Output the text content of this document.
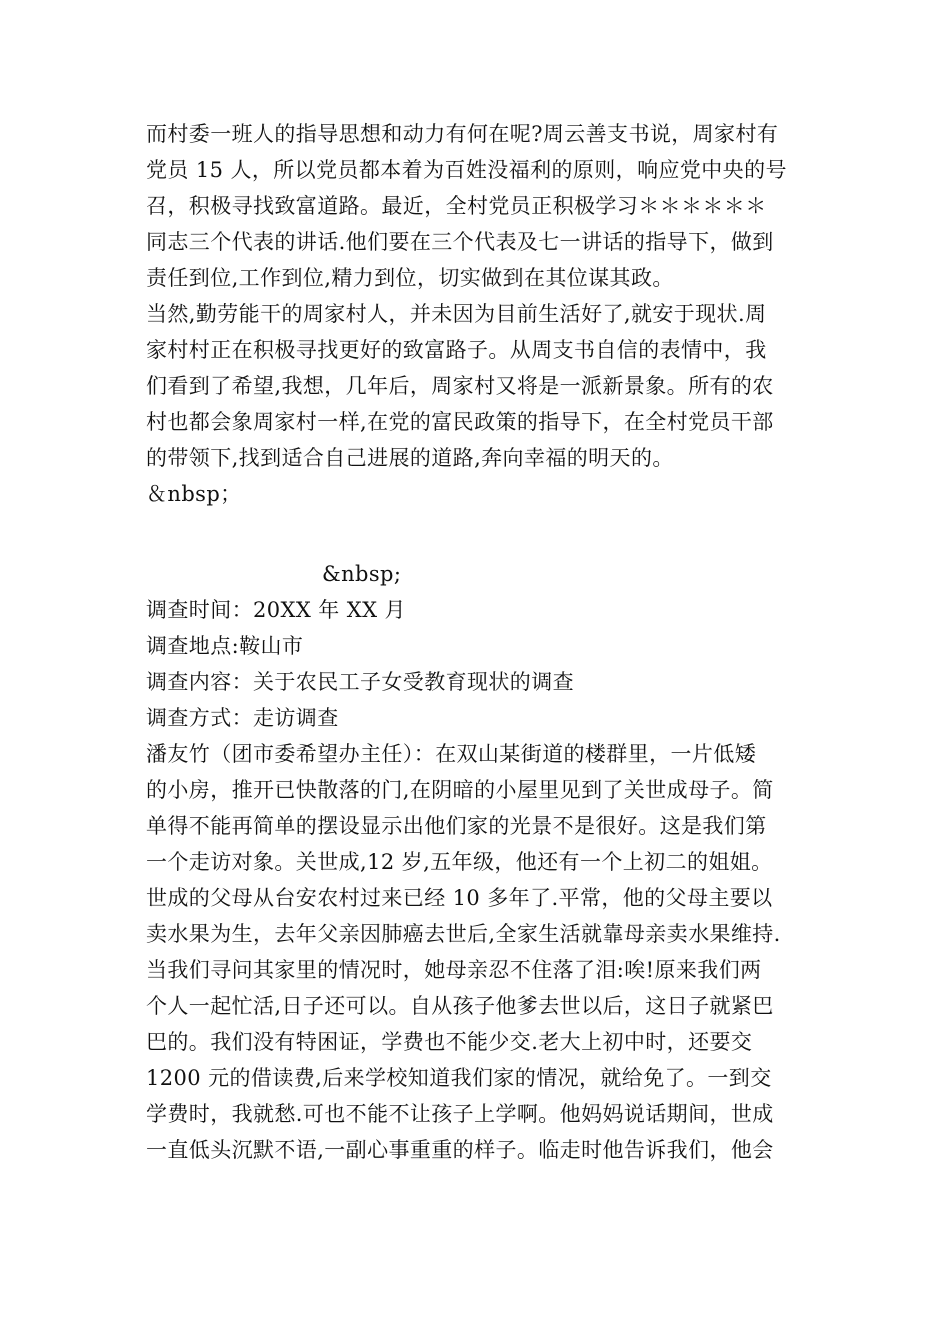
而村委一班人的指导思想和动力有何在呢?周云善支书说，周家村有
党员 15 人，所以党员都本着为百姓没福利的原则，响应党中央的号
召，积极寻找致富道路。最近，全村党员正积极学习＊＊＊＊＊＊
同志三个代表的讲话.他们要在三个代表及七一讲话的指导下，做到
责任到位,工作到位,精力到位，切实做到在其位谋其政。
当然,勤劳能干的周家村人，并未因为目前生活好了,就安于现状.周
家村村正在积极寻找更好的致富路子。从周支书自信的表情中，我
们看到了希望,我想，几年后，周家村又将是一派新景象。所有的农
村也都会象周家村一样,在党的富民政策的指导下，在全村党员干部
的带领下,找到适合自己进展的道路,奔向幸福的明天的。
＆nbsp；
&nbsp;
调查时间：20XX 年 XX 月
调查地点:鞍山市
调查内容：关于农民工子女受教育现状的调查
调查方式：走访调查
潘友竹（团市委希望办主任）：在双山某街道的楼群里，一片低矮
的小房，推开已快散落的门,在阴暗的小屋里见到了关世成母子。简
单得不能再简单的摆设显示出他们家的光景不是很好。这是我们第
一个走访对象。关世成,12 岁,五年级，他还有一个上初二的姐姐。
世成的父母从台安农村过来已经 10 多年了.平常，他的父母主要以
卖水果为生，去年父亲因肺癌去世后,全家生活就靠母亲卖水果维持.
当我们寻问其家里的情况时，她母亲忍不住落了泪:唉!原来我们两
个人一起忙活,日子还可以。自从孩子他爹去世以后，这日子就紧巴
巴的。我们没有特困证，学费也不能少交.老大上初中时，还要交
1200 元的借读费,后来学校知道我们家的情况，就给免了。一到交
学费时，我就愁.可也不能不让孩子上学啊。他妈妈说话期间，世成
一直低头沉默不语,一副心事重重的样子。临走时他告诉我们，他会
